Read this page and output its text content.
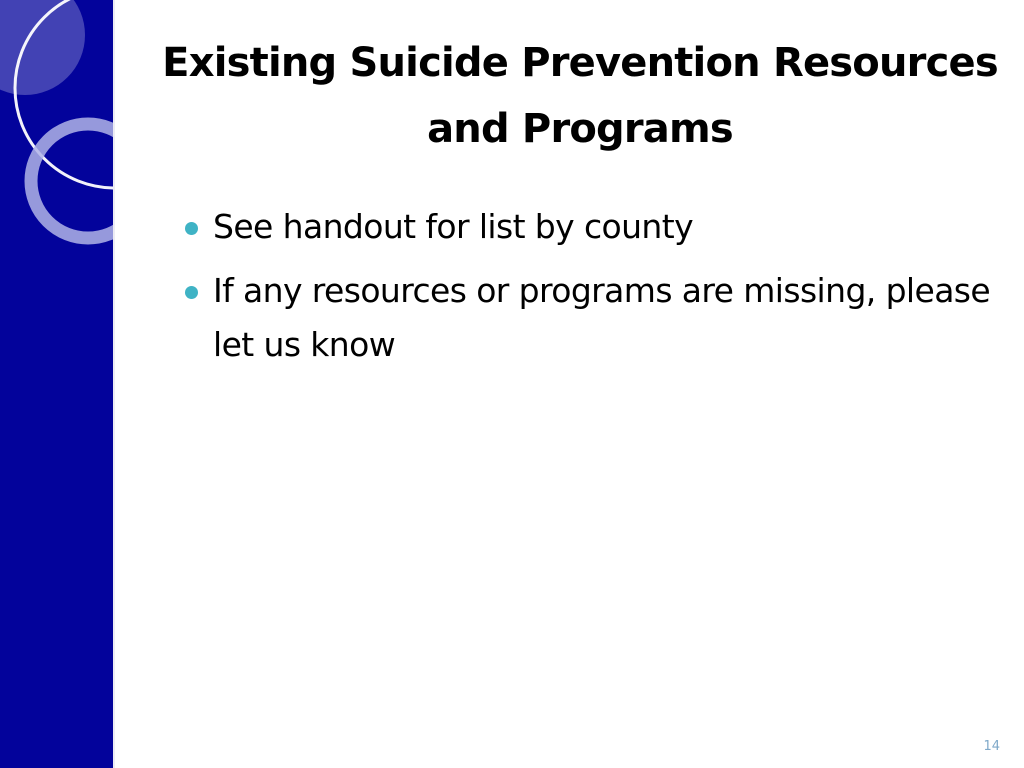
Existing Suicide Prevention Resources and Programs
See handout for list by county
If any resources or programs are missing, please let us know
14
